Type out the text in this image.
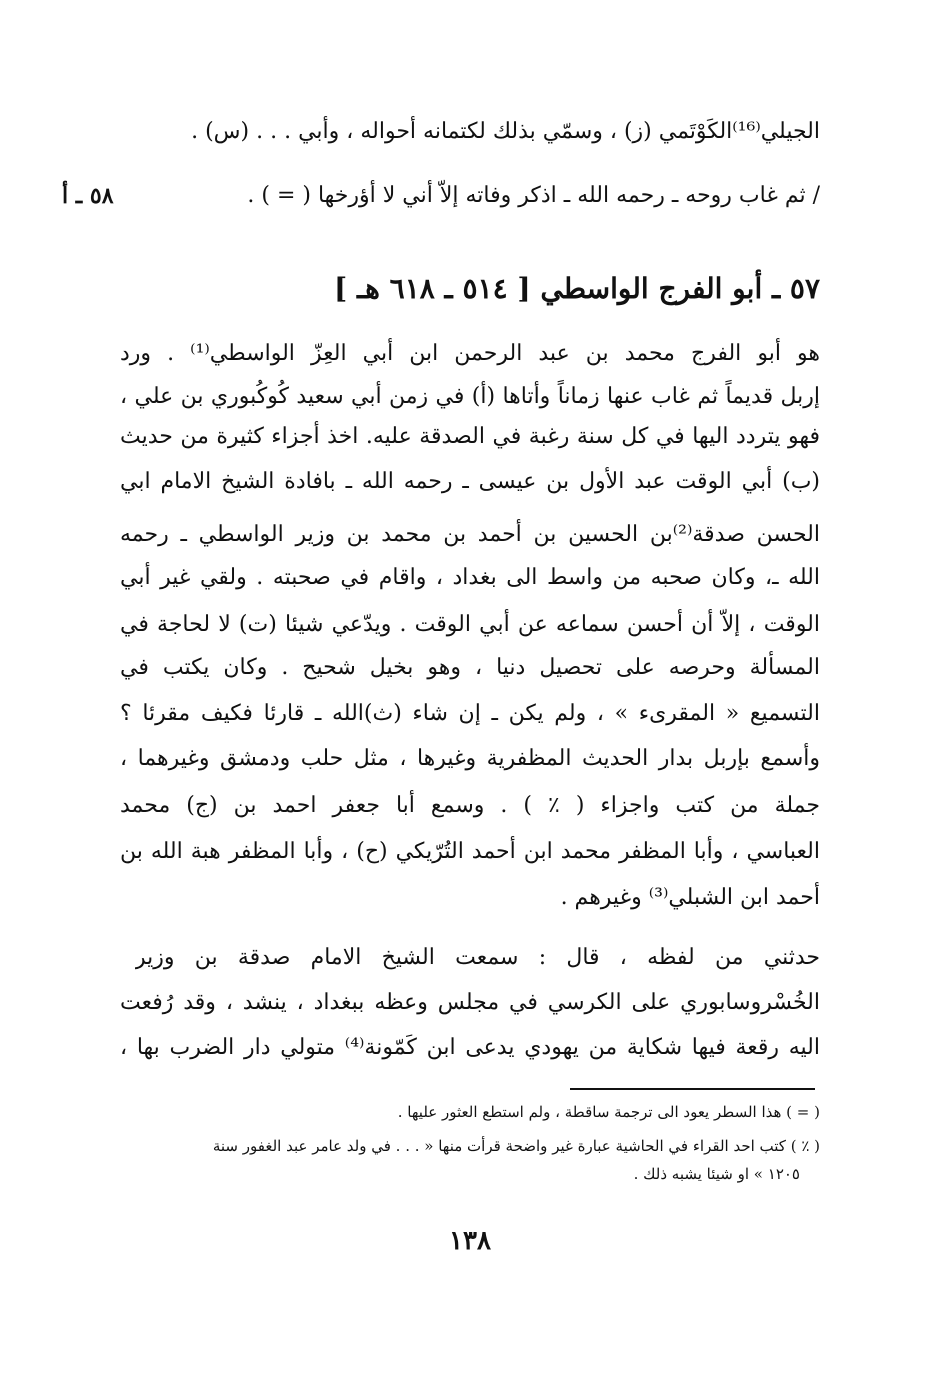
الجيلي⁽¹⁶⁾الكَوْتَمي (ز) ، وسمّي بذلك لكتمانه أحواله ، وأبي . . . (س) .
/ ثم غاب روحه ـ رحمه الله ـ اذكر وفاته إلاّ أني لا أؤرخها ( = ) .
٥٨ ـ أ
٥٧ ـ أبو الفرج الواسطي [ ٥١٤ ـ ٦١٨ هـ ]
هو أبو الفرج محمد بن عبد الرحمن ابن أبي العِزّ الواسطي⁽¹⁾ . ورد
إربل قديماً ثم غاب عنها زماناً وأتاها (أ) في زمن أبي سعيد كُوكُبوري بن علي ،
فهو يتردد اليها في كل سنة رغبة في الصدقة عليه. اخذ أجزاء كثيرة من حديث
(ب) أبي الوقت عبد الأول بن عيسى ـ رحمه الله ـ بافادة الشيخ الامام ابي
الحسن صدقة⁽²⁾بن الحسين بن أحمد بن محمد بن وزير الواسطي ـ رحمه
الله ـ، وكان صحبه من واسط الى بغداد ، واقام في صحبته . ولقي غير أبي
الوقت ، إلاّ أن أحسن سماعه عن أبي الوقت . ويدّعي شيئا (ت) لا لحاجة في
المسألة وحرصه على تحصيل دنيا ، وهو بخيل شحيح . وكان يكتب في
التسميع « المقرىء » ، ولم يكن ـ إن شاء (ث)الله ـ قارئا فكيف مقرئا ؟
وأسمع بإربل بدار الحديث المظفرية وغيرها ، مثل حلب ودمشق وغيرهما ،
جملة من كتب واجزاء ( ٪ ) . وسمع أبا جعفر احمد بن (ج) محمد
العباسي ، وأبا المظفر محمد ابن أحمد التُرّيكي (ح) ، وأبا المظفر هبة الله بن
أحمد ابن الشبلي⁽³⁾ وغيرهم .
حدثني من لفظه ، قال : سمعت الشيخ الامام صدقة بن وزير
الخُسْروسابوري على الكرسي في مجلس وعظه ببغداد ، ينشد ، وقد رُفعت
اليه رقعة فيها شكاية من يهودي يدعى ابن كَمّونة⁽⁴⁾ متولي دار الضرب بها ،
( = ) هذا السطر يعود الى ترجمة ساقطة ، ولم استطع العثور عليها .
( ٪ ) كتب احد القراء في الحاشية عبارة غير واضحة قرأت منها « . . . في ولد عامر عبد الغفور سنة
١٢٠٥ » او شيئا يشبه ذلك .
١٣٨
